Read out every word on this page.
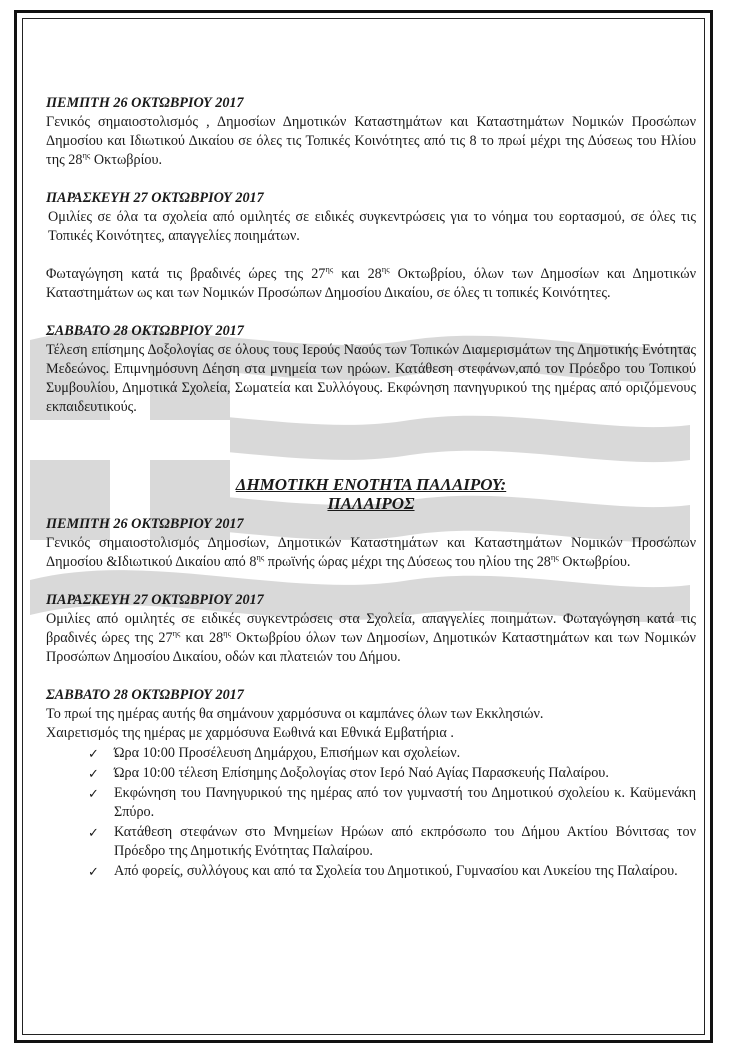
ΠΕΜΠΤΗ 26 ΟΚΤΩΒΡΙΟΥ 2017

Γενικός σημαιοστολισμός , Δημοσίων Δημοτικών Καταστημάτων και Καταστημάτων Νομικών Προσώπων Δημοσίου και Ιδιωτικού Δικαίου σε όλες τις Τοπικές Κοινότητες από τις 8 το πρωί μέχρι της Δύσεως του Ηλίου της $28^{\eta\varsigma}$ Οκτωβρίου.

ΠΑΡΑΣΚΕΥΗ 27 ΟΚΤΩΒΡΙΟΥ 2017

Ομιλίες σε όλα τα σχολεία από ομιλητές σε ειδικές συγκεντρώσεις για το νόημα του εορτασμού, σε όλες τις Τοπικές Κοινότητες, απαγγελίες ποιημάτων.

Φωταγώγηση κατά τις βραδινές ώρες της $27^{\eta\varsigma}$ και $28^{\eta\varsigma}$ Οκτωβρίου, όλων των Δημοσίων και Δημοτικών Καταστημάτων ως και των Νομικών Προσώπων Δημοσίου Δικαίου, σε όλες τι τοπικές Κοινότητες.

ΣΑΒΒΑΤΟ 28 ΟΚΤΩΒΡΙΟΥ 2017

Τέλεση επίσημης Δοξολογίας σε όλους τους Ιερούς Ναούς των Τοπικών Διαμερισμάτων της Δημοτικής Ενότητας Μεδεώνος. Επιμνημόσυνη Δέηση στα μνημεία των ηρώων. Κατάθεση στεφάνων,από τον Πρόεδρο του Τοπικού Συμβουλίου, Δημοτικά Σχολεία, Σωματεία και Συλλόγους. Εκφώνηση πανηγυρικού της ημέρας από οριζόμενους εκπαιδευτικούς.

ΔΗΜΟΤΙΚΗ ΕΝΟΤΗΤΑ ΠΑΛΑΙΡΟΥ:
ΠΑΛΑΙΡΟΣ

ΠΕΜΠΤΗ 26 ΟΚΤΩΒΡΙΟΥ 2017

Γενικός σημαιοστολισμός Δημοσίων, Δημοτικών Καταστημάτων και Καταστημάτων Νομικών Προσώπων Δημοσίου &Ιδιωτικού Δικαίου από $8^{\eta\varsigma}$ πρωϊνής ώρας μέχρι της Δύσεως του ηλίου της $28^{\eta\varsigma}$ Οκτωβρίου.

ΠΑΡΑΣΚΕΥΗ 27 ΟΚΤΩΒΡΙΟΥ 2017

Ομιλίες από ομιλητές σε ειδικές συγκεντρώσεις στα Σχολεία, απαγγελίες ποιημάτων. Φωταγώγηση κατά τις βραδινές ώρες της $27^{\eta\varsigma}$ και $28^{\eta\varsigma}$ Οκτωβρίου όλων των Δημοσίων, Δημοτικών Καταστημάτων και των Νομικών Προσώπων Δημοσίου Δικαίου, οδών και πλατειών του Δήμου.

ΣΑΒΒΑΤΟ 28 ΟΚΤΩΒΡΙΟΥ 2017

Το πρωί της ημέρας αυτής θα σημάνουν χαρμόσυνα οι καμπάνες όλων των Εκκλησιών.

Χαιρετισμός της ημέρας με χαρμόσυνα Εωθινά και Εθνικά Εμβατήρια .

✓ Ώρα 10:00 Προσέλευση Δημάρχου, Επισήμων και σχολείων.
✓ Ώρα 10:00 τέλεση Επίσημης Δοξολογίας στον Ιερό Ναό Αγίας Παρασκευής Παλαίρου.
✓ Εκφώνηση του Πανηγυρικού της ημέρας από τον γυμναστή του Δημοτικού σχολείου κ. Καϋμενάκη Σπύρο.
✓ Κατάθεση στεφάνων στο Μνημείων Ηρώων από εκπρόσωπο του Δήμου Ακτίου Βόνιτσας τον Πρόεδρο της Δημοτικής Ενότητας Παλαίρου.
✓ Από φορείς, συλλόγους και από τα Σχολεία του Δημοτικού, Γυμνασίου και Λυκείου της Παλαίρου.
